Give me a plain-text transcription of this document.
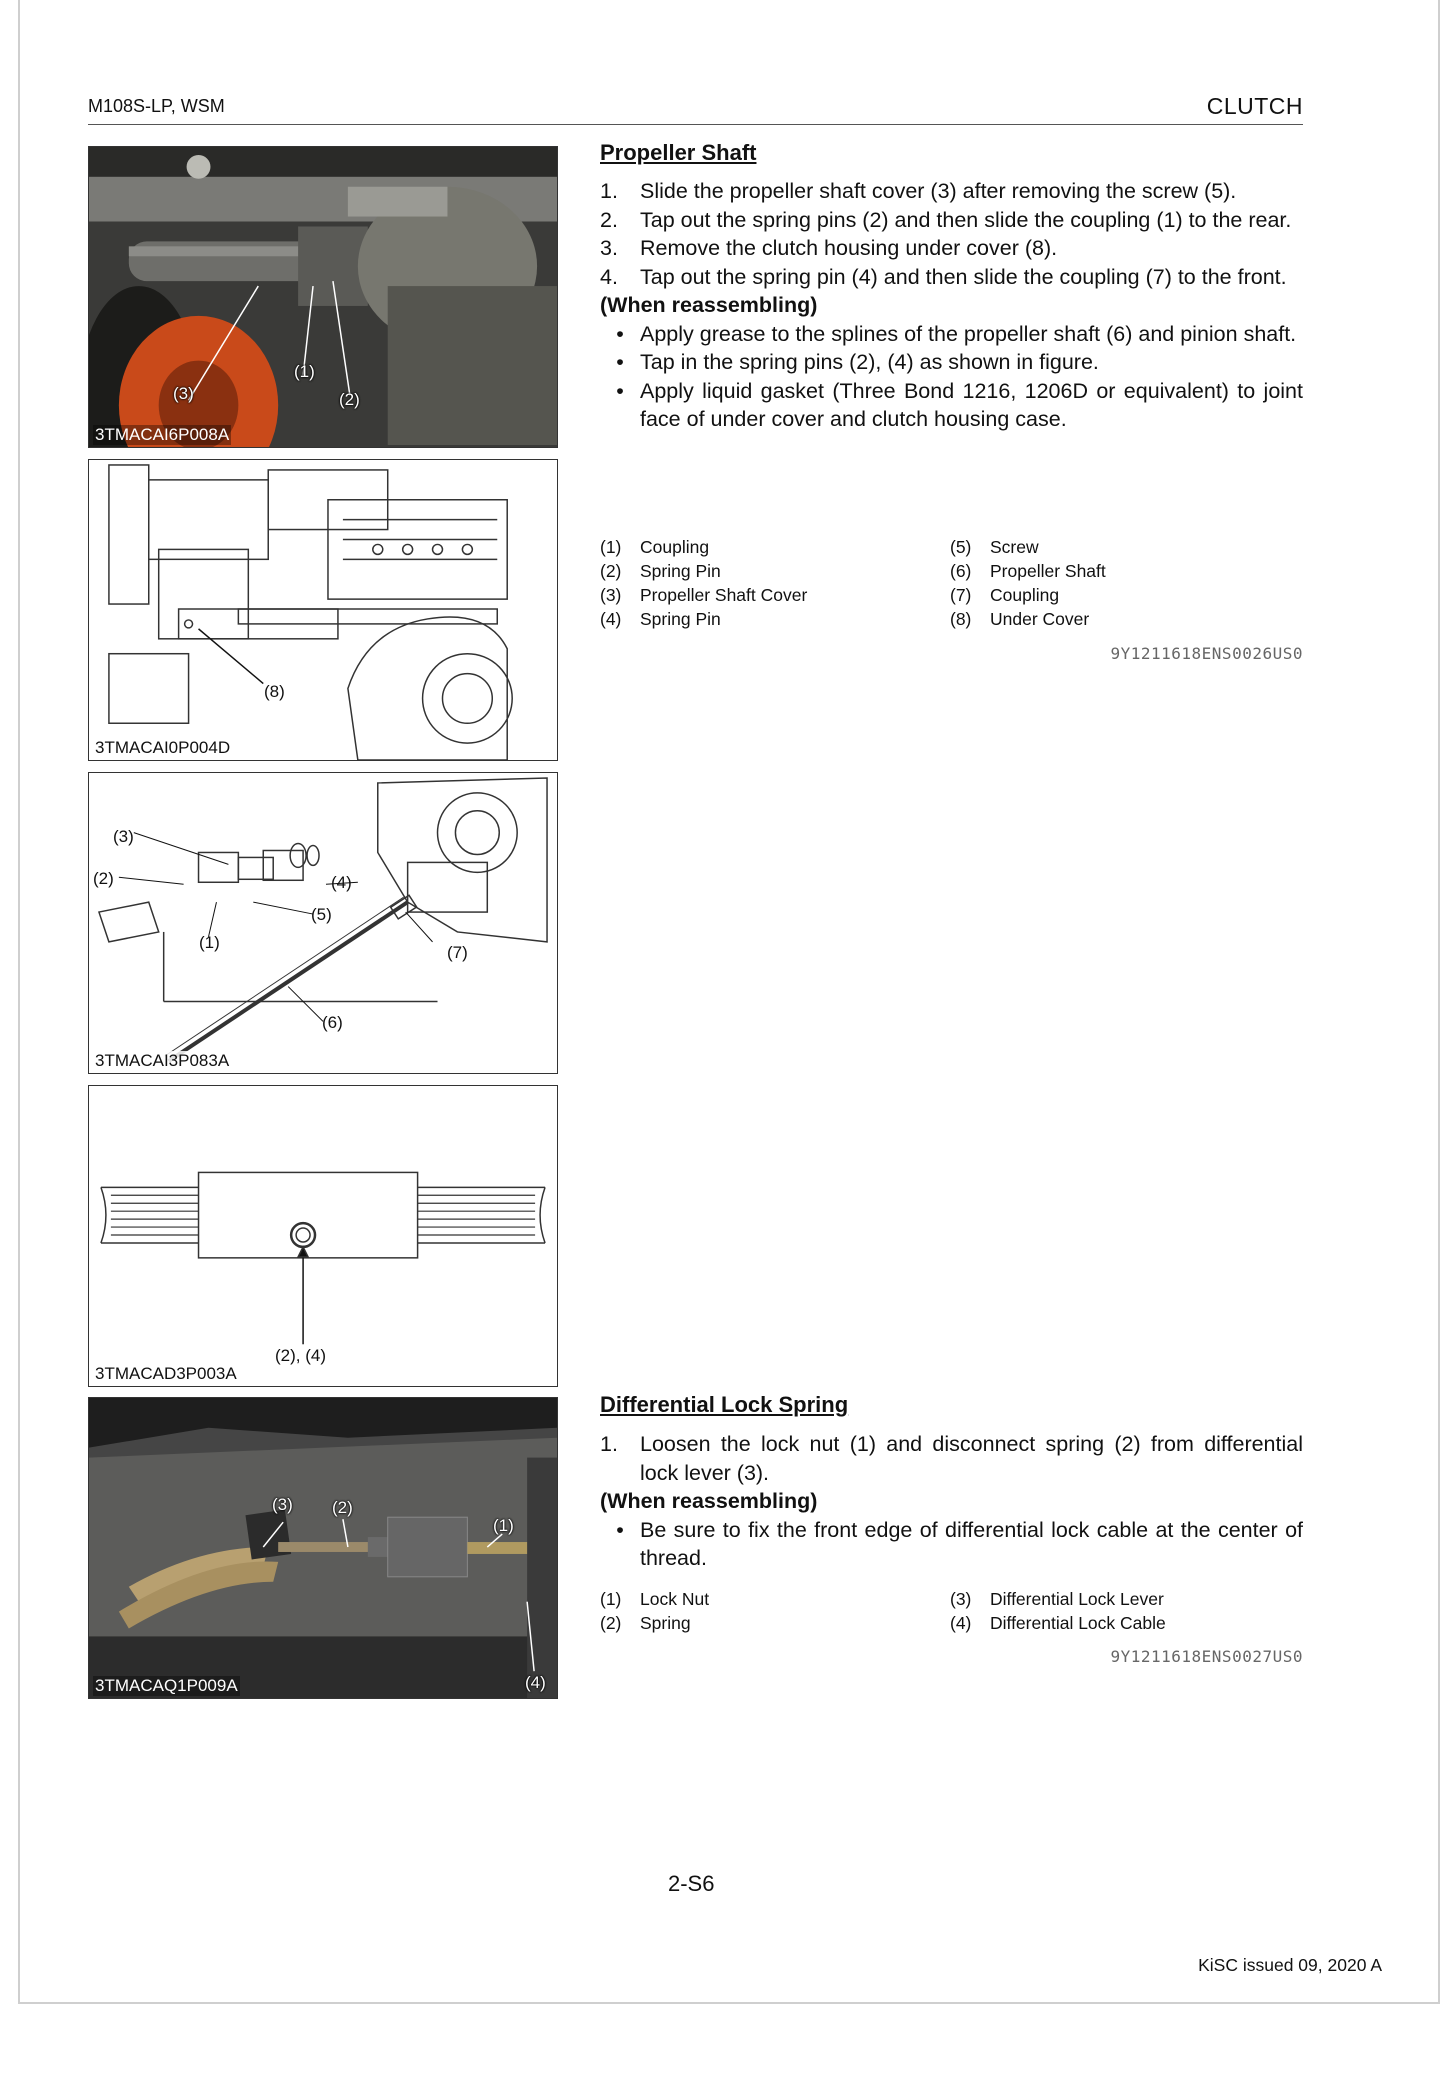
M108S-LP, WSM	CLUTCH
(3)
(1)
(2)
3TMACAI6P008A
(8)
3TMACAI0P004D
(3)
(2)
(1)
(4)
(5)
(7)
(6)
3TMACAI3P083A
(2), (4)
3TMACAD3P003A
(3) (2)
(1)
(4)
3TMACAQ1P009A
Propeller Shaft
1.	Slide the propeller shaft cover (3) after removing the screw (5).
2.	Tap out the spring pins (2) and then slide the coupling (1) to the rear.
3.	Remove the clutch housing under cover (8).
4.	Tap out the spring pin (4) and then slide the coupling (7) to the front.
(When reassembling)
• Apply grease to the splines of the propeller shaft (6) and pinion shaft.
• Tap in the spring pins (2), (4) as shown in figure.
• Apply liquid gasket (Three Bond 1216, 1206D or equivalent) to joint face of under cover and clutch housing case.
(1)	Coupling
(2)	Spring Pin
(3)	Propeller Shaft Cover
(4)	Spring Pin
(5)	Screw
(6)	Propeller Shaft
(7)	Coupling
(8)	Under Cover
9Y1211618ENS0026US0
Differential Lock Spring
1.	Loosen the lock nut (1) and disconnect spring (2) from differential lock lever (3).
(When reassembling)
• Be sure to fix the front edge of differential lock cable at the center of thread.
(1)	Lock Nut
(2)	Spring
(3)	Differential Lock Lever
(4)	Differential Lock Cable
9Y1211618ENS0027US0
2-S6
KiSC issued 09, 2020 A
